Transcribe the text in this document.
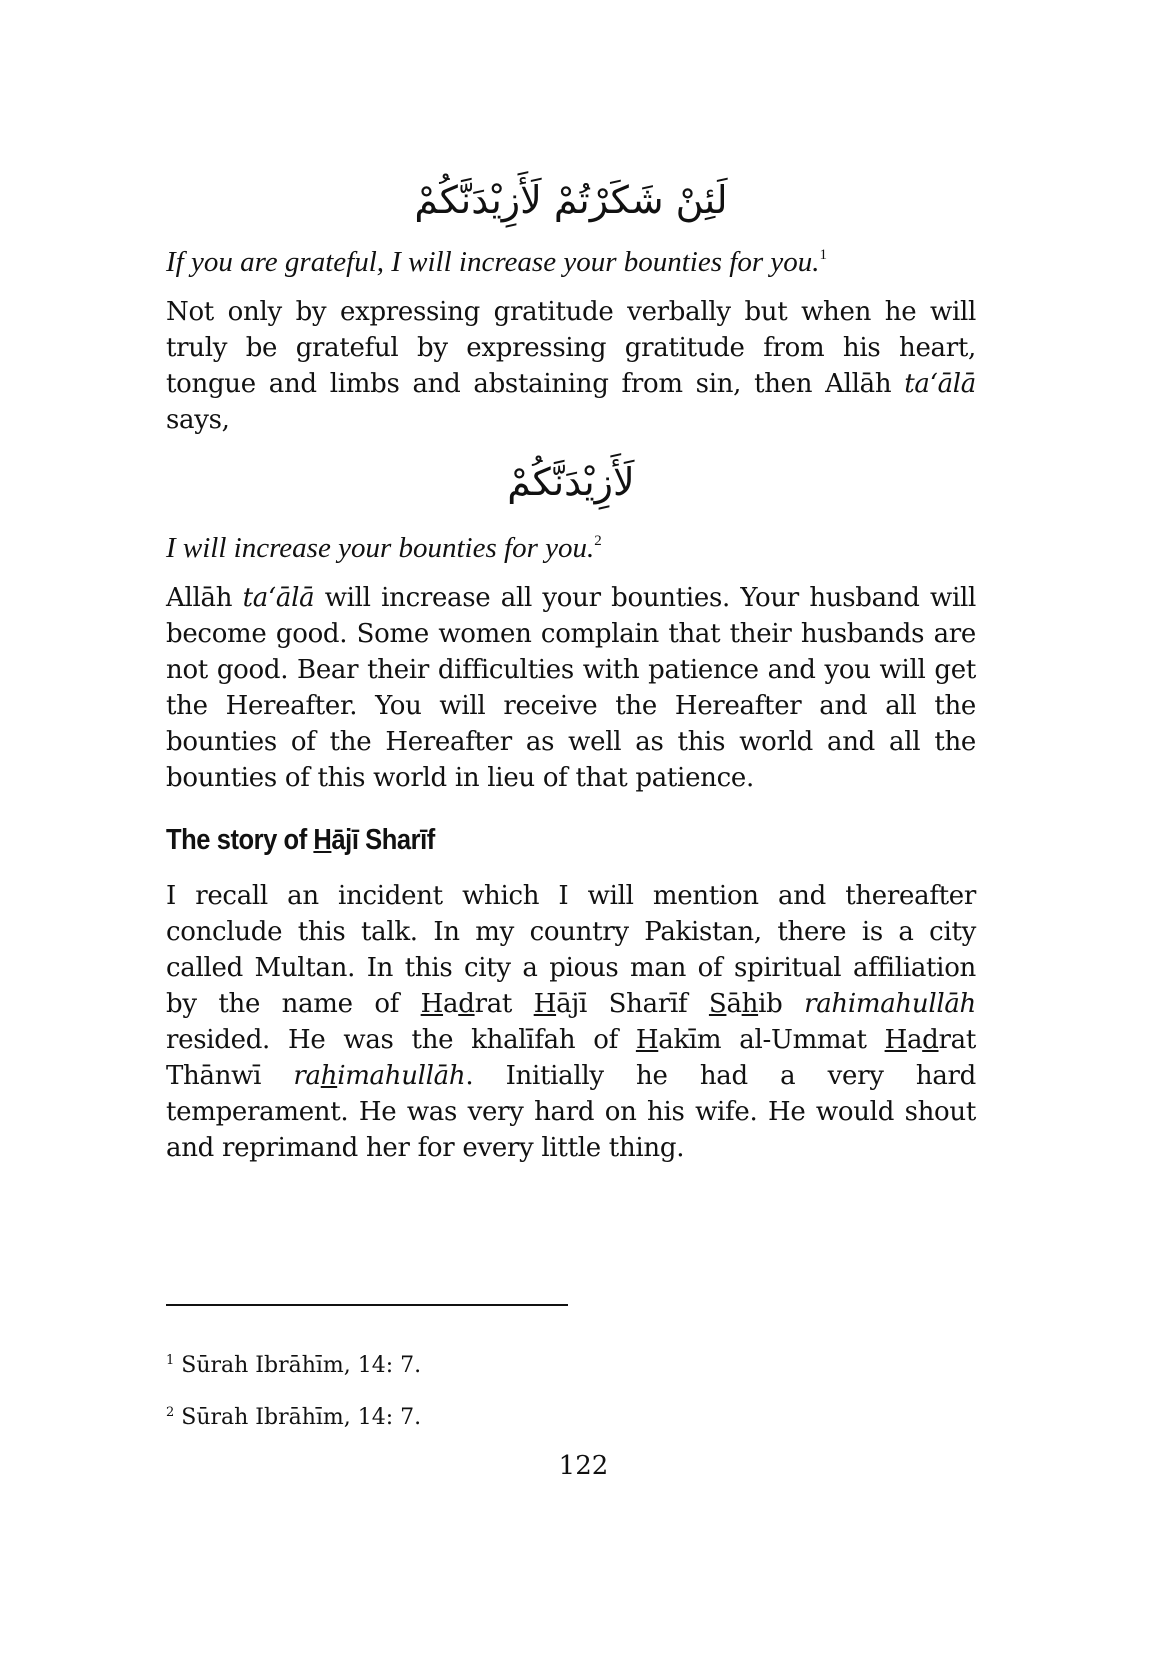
لَئِنْ شَكَرْتُمْ لَأَزِيْدَنَّكُمْ

If you are grateful, I will increase your bounties for you.$^1$

Not only by expressing gratitude verbally but when he will truly be grateful by expressing gratitude from his heart, tongue and limbs and abstaining from sin, then Allāh ta‘ālā says,

لَأَزِيْدَنَّكُمْ

I will increase your bounties for you.$^2$

Allāh ta‘ālā will increase all your bounties. Your husband will become good. Some women complain that their husbands are not good. Bear their difficulties with patience and you will get the Hereafter. You will receive the Hereafter and all the bounties of the Hereafter as well as this world and all the bounties of this world in lieu of that patience.

The story of Hājī Sharīf

I recall an incident which I will mention and thereafter conclude this talk. In my country Pakistan, there is a city called Multan. In this city a pious man of spiritual affiliation by the name of Hadrat Hājī Sharīf Sāhib rahimahullāh resided. He was the khalīfah of Hakīm al-Ummat Hadrat Thānwī rahimahullāh. Initially he had a very hard temperament. He was very hard on his wife. He would shout and reprimand her for every little thing.

$^1$ Sūrah Ibrāhīm, 14: 7.
$^2$ Sūrah Ibrāhīm, 14: 7.
122
